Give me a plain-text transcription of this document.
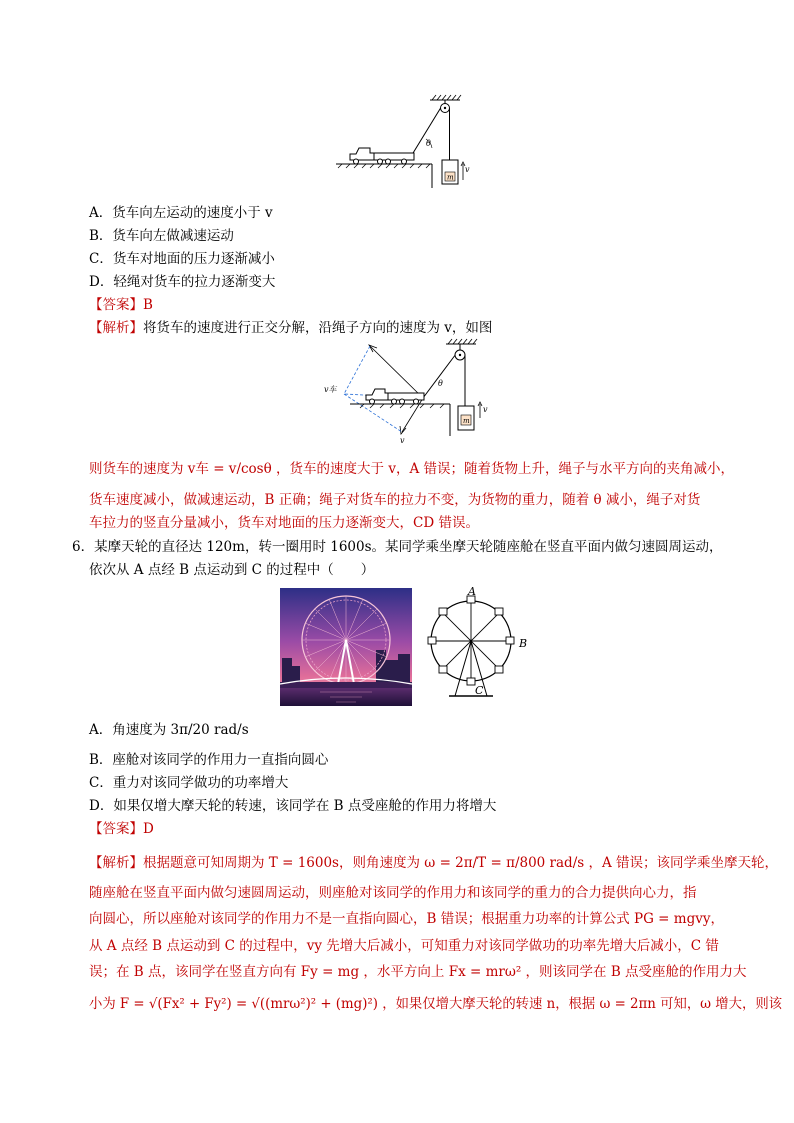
θ
m
v
A．货车向左运动的速度小于 v
B．货车向左做减速运动
C．货车对地面的压力逐渐减小
D．轻绳对货车的拉力逐渐变大
【答案】B
【解析】将货车的速度进行正交分解，沿绳子方向的速度为 v，如图
θ
v车
v
m
v
则货车的速度为 v车 = v/cosθ ，货车的速度大于 v，A 错误；随着货物上升，绳子与水平方向的夹角减小，
货车速度减小，做减速运动，B 正确；绳子对货车的拉力不变，为货物的重力，随着 θ 减小，绳子对货
车拉力的竖直分量减小，货车对地面的压力逐渐变大，CD 错误。
6．某摩天轮的直径达 120m，转一圈用时 1600s。某同学乘坐摩天轮随座舱在竖直平面内做匀速圆周运动，
依次从 A 点经 B 点运动到 C 的过程中（　　）
A
B
C
A．角速度为 3π/20 rad/s
B．座舱对该同学的作用力一直指向圆心
C．重力对该同学做功的功率增大
D．如果仅增大摩天轮的转速，该同学在 B 点受座舱的作用力将增大
【答案】D
【解析】根据题意可知周期为 T = 1600s，则角速度为 ω = 2π/T = π/800 rad/s ，A 错误；该同学乘坐摩天轮，
随座舱在竖直平面内做匀速圆周运动，则座舱对该同学的作用力和该同学的重力的合力提供向心力，指
向圆心，所以座舱对该同学的作用力不是一直指向圆心，B 错误；根据重力功率的计算公式 PG = mgvy，
从 A 点经 B 点运动到 C 的过程中，vy 先增大后减小，可知重力对该同学做功的功率先增大后减小，C 错
误；在 B 点，该同学在竖直方向有 Fy = mg ，水平方向上 Fx = mrω² ，则该同学在 B 点受座舱的作用力大
小为 F = √(Fx² + Fy²) = √((mrω²)² + (mg)²) ，如果仅增大摩天轮的转速 n，根据 ω = 2πn 可知，ω 增大，则该
